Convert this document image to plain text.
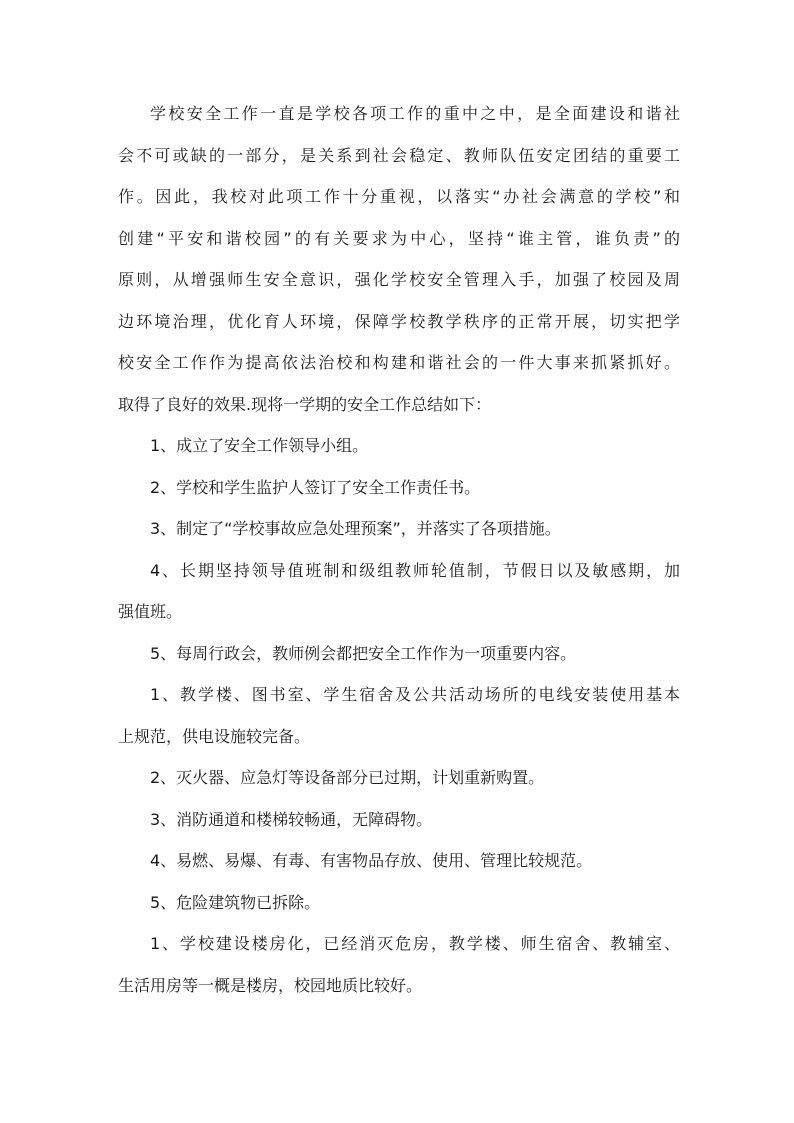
学校安全工作一直是学校各项工作的重中之中，是全面建设和谐社
会不可或缺的一部分，是关系到社会稳定、教师队伍安定团结的重要工
作。因此，我校对此项工作十分重视，以落实“办社会满意的学校”和
创建“平安和谐校园”的有关要求为中心，坚持“谁主管，谁负责”的
原则，从增强师生安全意识，强化学校安全管理入手，加强了校园及周
边环境治理，优化育人环境，保障学校教学秩序的正常开展，切实把学
校安全工作作为提高依法治校和构建和谐社会的一件大事来抓紧抓好。
取得了良好的效果.现将一学期的安全工作总结如下：
1、成立了安全工作领导小组。
2、学校和学生监护人签订了安全工作责任书。
3、制定了“学校事故应急处理预案”，并落实了各项措施。
4、长期坚持领导值班制和级组教师轮值制，节假日以及敏感期，加
强值班。
5、每周行政会，教师例会都把安全工作作为一项重要内容。
1、教学楼、图书室、学生宿舍及公共活动场所的电线安装使用基本
上规范，供电设施较完备。
2、灭火器、应急灯等设备部分已过期，计划重新购置。
3、消防通道和楼梯较畅通，无障碍物。
4、易燃、易爆、有毒、有害物品存放、使用、管理比较规范。
5、危险建筑物已拆除。
1、学校建设楼房化，已经消灭危房，教学楼、师生宿舍、教辅室、
生活用房等一概是楼房，校园地质比较好。
